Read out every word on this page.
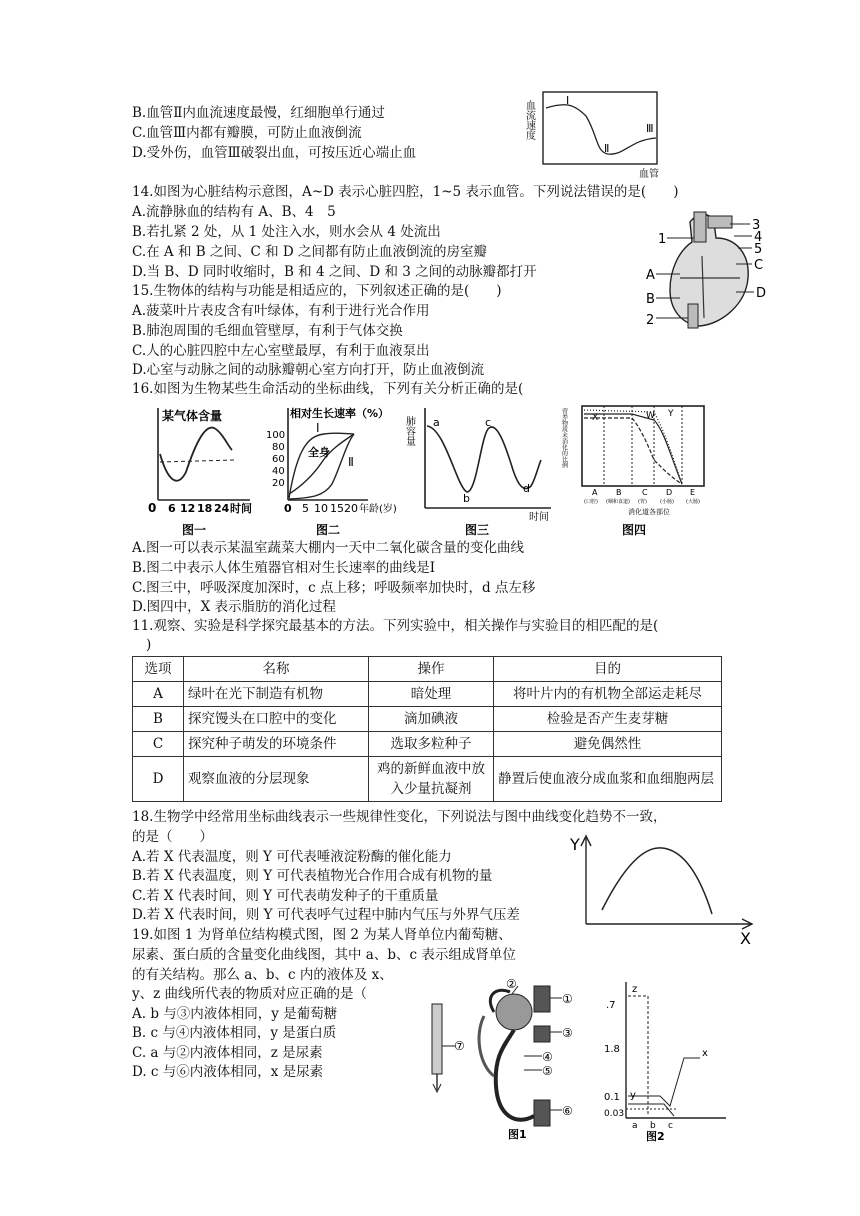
B.血管Ⅱ内血流速度最慢，红细胞单行通过
C.血管Ⅲ内都有瓣膜，可防止血液倒流
D.受外伤，血管Ⅲ破裂出血，可按压近心端止血
血流速度	Ⅰ
Ⅱ
Ⅲ
血管
14.如图为心脏结构示意图，A~D 表示心脏四腔，1~5 表示血管。下列说法错误的是(　　)
A.流静脉血的结构有 A、B、4　5
B.若扎紧 2 处，从 1 处注入水，则水会从 4 处流出
C.在 A 和 B 之间、C 和 D 之间都有防止血液倒流的房室瓣
D.当 B、D 同时收缩时，B 和 4 之间、D 和 3 之间的动脉瓣都打开
1
2
3
4
5
A
B
C
D
15.生物体的结构与功能是相适应的，下列叙述正确的是(　　)
A.菠菜叶片表皮含有叶绿体，有利于进行光合作用
B.肺泡周围的毛细血管壁厚，有利于气体交换
C.人的心脏四腔中左心室壁最厚，有利于血液泵出
D.心室与动脉之间的动脉瓣朝心室方向打开，防止血液倒流
16.如图为生物某些生命活动的坐标曲线，下列有关分析正确的是(
某气体含量
0 6 12 18 24 时间
图一
相对生长速率（%）
100
80
60
40
20
Ⅰ
全身
Ⅱ
0 5 10 15 20 年龄(岁)
图二
肺容量 a
b
c
d
时间
图三
营养物质未消化的比例	X	Y
W
A B	C D E
(口腔) (咽和食道) (胃)	(小肠) (大肠)
消化道各部位
图四
A.图一可以表示某温室蔬菜大棚内一天中二氧化碳含量的变化曲线
B.图二中表示人体生殖器官相对生长速率的曲线是Ⅰ
C.图三中，呼吸深度加深时，c 点上移；呼吸频率加快时，d 点左移
D.图四中，X 表示脂肪的消化过程
11.观察、实验是科学探究最基本的方法。下列实验中，相关操作与实验目的相匹配的是(
)
选项	名称	操作	目的
A	绿叶在光下制造有机物	暗处理	将叶片内的有机物全部运走耗尽
B	探究馒头在口腔中的变化	滴加碘液	检验是否产生麦芽糖
C	探究种子萌发的环境条件	选取多粒种子	避免偶然性
D	观察血液的分层现象	鸡的新鲜血液中放入少量抗凝剂	静置后使血液分成血浆和血细胞两层
18.生物学中经常用坐标曲线表示一些规律性变化，下列说法与图中曲线变化趋势不一致，
的是（　　）
A.若 X 代表温度，则 Y 可代表唾液淀粉酶的催化能力
B.若 X 代表温度，则 Y 可代表植物光合作用合成有机物的量
C.若 X 代表时间，则 Y 可代表萌发种子的干重质量
D.若 X 代表时间，则 Y 可代表呼气过程中肺内气压与外界气压差
Y
X
19.如图 1 为肾单位结构模式图，图 2 为某人肾单位内葡萄糖、
尿素、蛋白质的含量变化曲线图，其中 a、b、c 表示组成肾单位
的有关结构。那么 a、b、c 内的液体及 x、
y、z 曲线所代表的物质对应正确的是（
A. b 与③内液体相同，y 是葡萄糖
B. c 与④内液体相同，y 是蛋白质
C. a 与②内液体相同，z 是尿素
D. c 与⑥内液体相同，x 是尿素
①
②
③
④
⑤
⑥
⑦
图1
.7
1.8
0.1
0.03
z
x
y
a b c
图2
